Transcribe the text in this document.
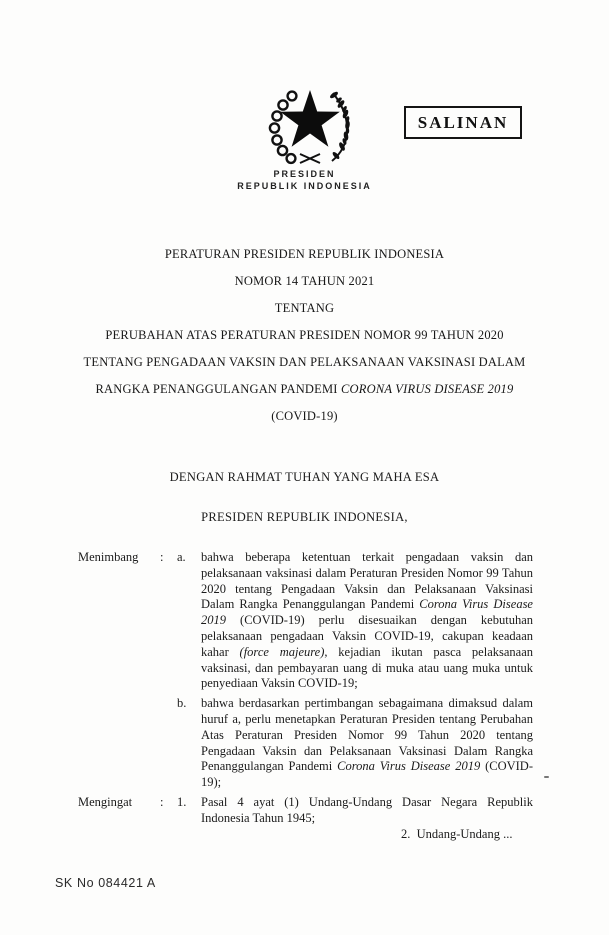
PRESIDEN
REPUBLIK INDONESIA
SALINAN
PERATURAN PRESIDEN REPUBLIK INDONESIA
NOMOR 14 TAHUN 2021
TENTANG
PERUBAHAN ATAS PERATURAN PRESIDEN NOMOR 99 TAHUN 2020
TENTANG PENGADAAN VAKSIN DAN PELAKSANAAN VAKSINASI DALAM
RANGKA PENANGGULANGAN PANDEMI CORONA VIRUS DISEASE 2019
(COVID-19)
DENGAN RAHMAT TUHAN YANG MAHA ESA
PRESIDEN REPUBLIK INDONESIA,
Menimbang	:	a.	bahwa beberapa ketentuan terkait pengadaan vaksin dan pelaksanaan vaksinasi dalam Peraturan Presiden Nomor 99 Tahun 2020 tentang Pengadaan Vaksin dan Pelaksanaan Vaksinasi Dalam Rangka Penanggulangan Pandemi Corona Virus Disease 2019 (COVID-19) perlu disesuaikan dengan kebutuhan pelaksanaan pengadaan Vaksin COVID-19, cakupan keadaan kahar (force majeure), kejadian ikutan pasca pelaksanaan vaksinasi, dan pembayaran uang di muka atau uang muka untuk penyediaan Vaksin COVID-19;
b.	bahwa berdasarkan pertimbangan sebagaimana dimaksud dalam huruf a, perlu menetapkan Peraturan Presiden tentang Perubahan Atas Peraturan Presiden Nomor 99 Tahun 2020 tentang Pengadaan Vaksin dan Pelaksanaan Vaksinasi Dalam Rangka Penanggulangan Pandemi Corona Virus Disease 2019 (COVID-19);
Mengingat	:	1.	Pasal 4 ayat (1) Undang-Undang Dasar Negara Republik Indonesia Tahun 1945;
2.  Undang-Undang ...
SK No 084421 A
